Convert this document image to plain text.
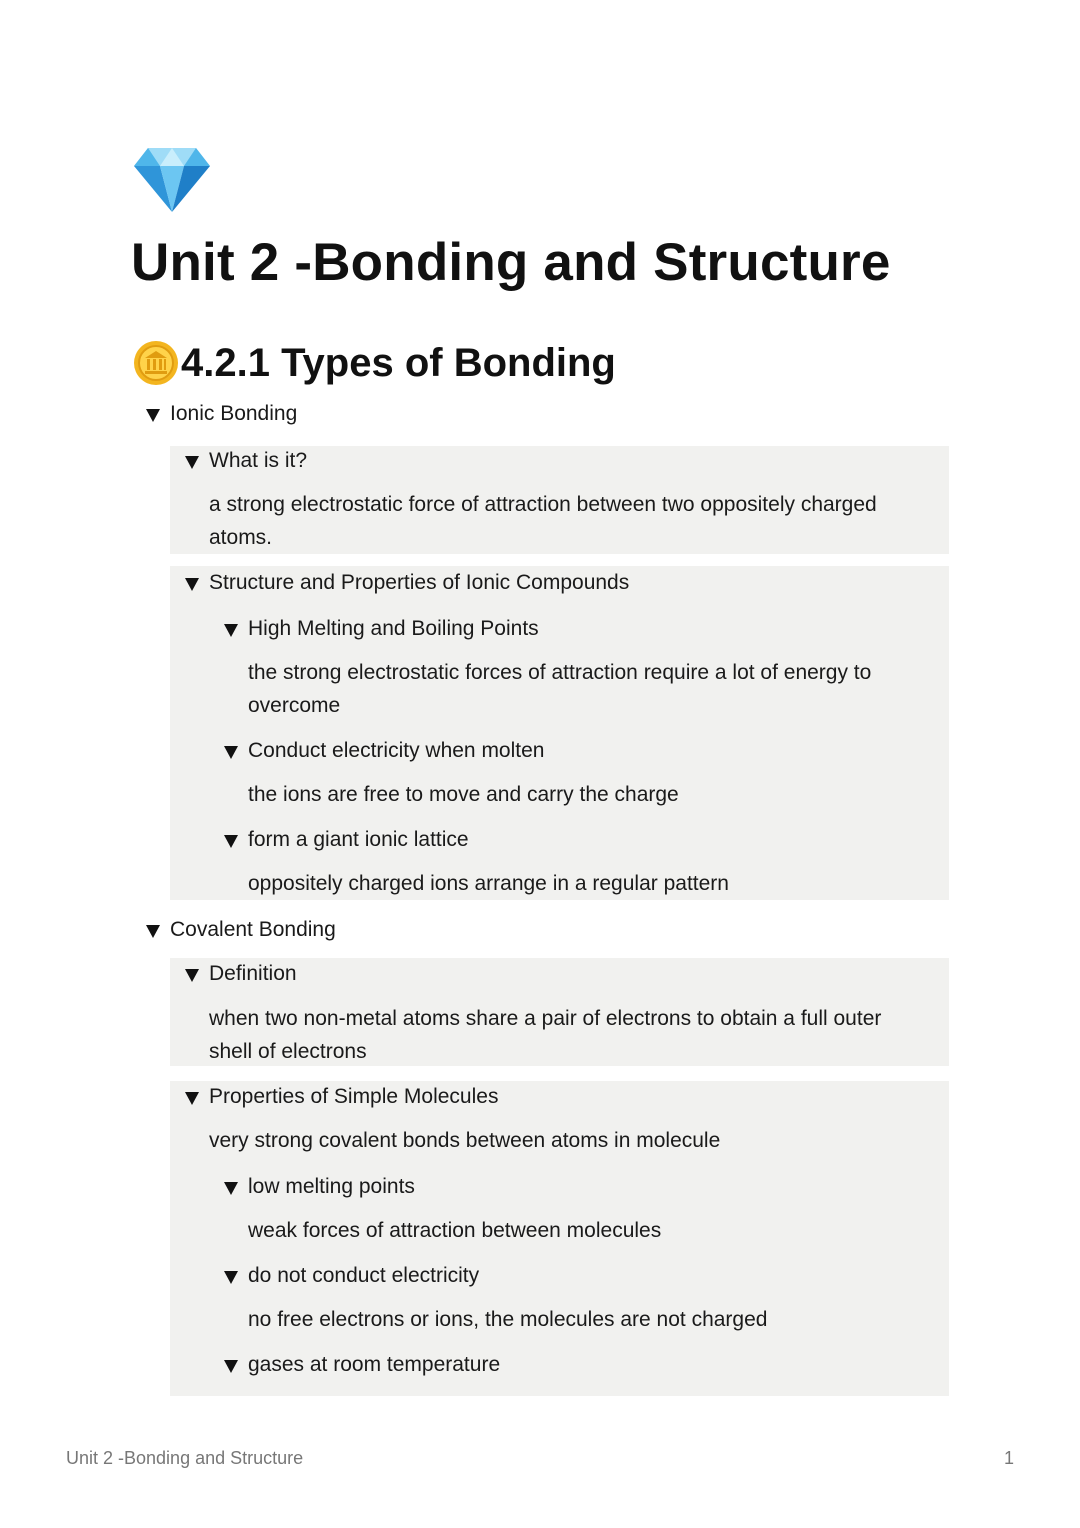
Unit 2 -Bonding and Structure
4.2.1 Types of Bonding
Ionic Bonding
What is it?
a strong electrostatic force of attraction between two oppositely charged
atoms.
Structure and Properties of Ionic Compounds
High Melting and Boiling Points
the strong electrostatic forces of attraction require a lot of energy to
overcome
Conduct electricity when molten
the ions are free to move and carry the charge
form a giant ionic lattice
oppositely charged ions arrange in a regular pattern
Covalent Bonding
Definition
when two non-metal atoms share a pair of electrons to obtain a full outer
shell of electrons
Properties of Simple Molecules
very strong covalent bonds between atoms in molecule
low melting points
weak forces of attraction between molecules
do not conduct electricity
no free electrons or ions, the molecules are not charged
gases at room temperature
Unit 2 -Bonding and Structure	1
